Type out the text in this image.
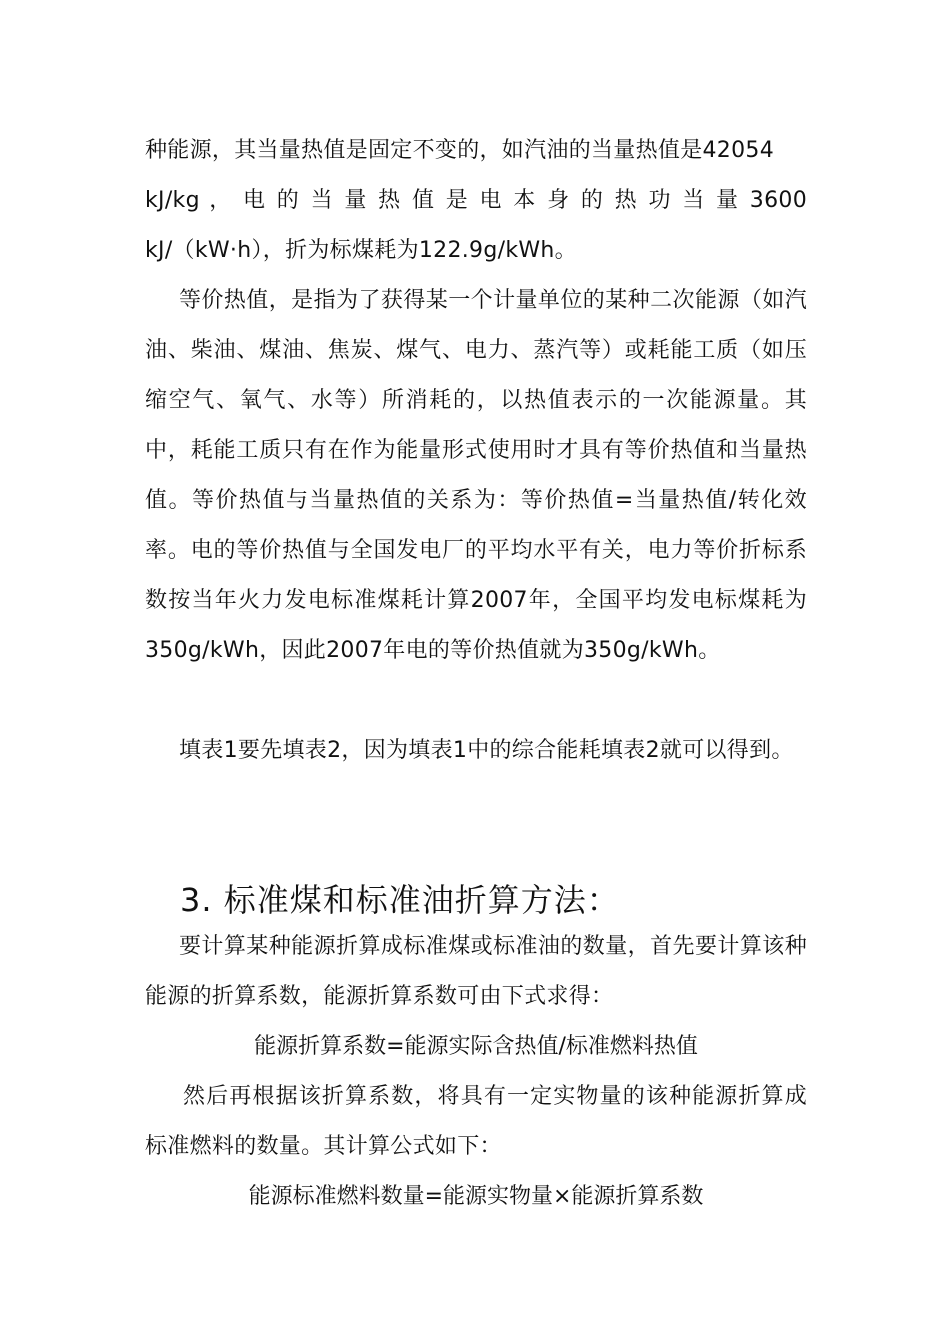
种能源，其当量热值是固定不变的，如汽油的当量热值是42054
kJ/kg ， 电 的 当 量 热 值 是 电 本 身 的 热 功 当 量 3600
kJ/（kW·h），折为标煤耗为122.9g/kWh。
等价热值，是指为了获得某一个计量单位的某种二次能源（如汽油、柴油、煤油、焦炭、煤气、电力、蒸汽等）或耗能工质（如压缩空气、氧气、水等）所消耗的，以热值表示的一次能源量。其中，耗能工质只有在作为能量形式使用时才具有等价热值和当量热值。等价热值与当量热值的关系为：等价热值=当量热值/转化效率。电的等价热值与全国发电厂的平均水平有关，电力等价折标系数按当年火力发电标准煤耗计算2007年，全国平均发电标煤耗为350g/kWh，因此2007年电的等价热值就为350g/kWh。
填表1要先填表2，因为填表1中的综合能耗填表2就可以得到。
3. 标准煤和标准油折算方法：
要计算某种能源折算成标准煤或标准油的数量，首先要计算该种能源的折算系数，能源折算系数可由下式求得：
能源折算系数=能源实际含热值/标准燃料热值
然后再根据该折算系数，将具有一定实物量的该种能源折算成标准燃料的数量。其计算公式如下：
能源标准燃料数量=能源实物量×能源折算系数
